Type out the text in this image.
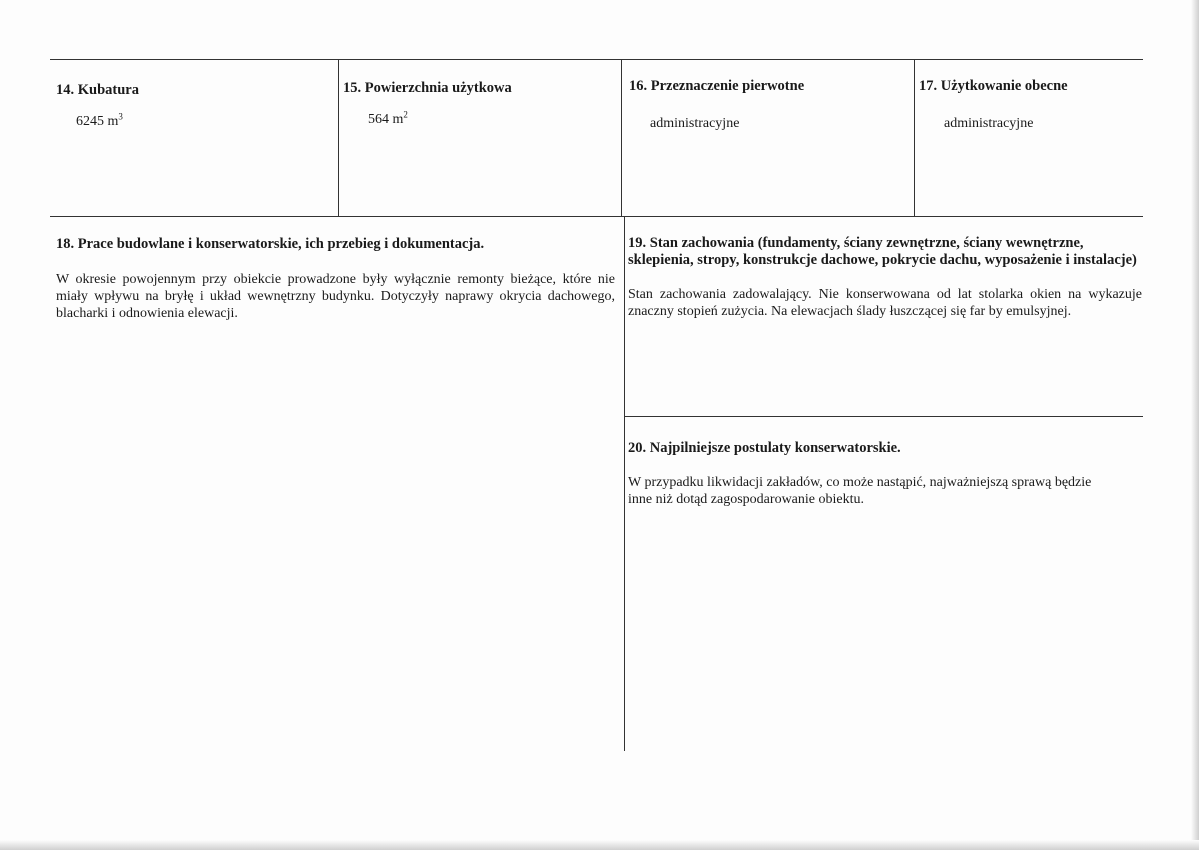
14. Kubatura
6245 $m^3$
15. Powierzchnia użytkowa
564 $m^2$
16. Przeznaczenie pierwotne
administracyjne
17. Użytkowanie obecne
administracyjne
18. Prace budowlane i konserwatorskie, ich przebieg i dokumentacja.
W okresie powojennym przy obiekcie prowadzone były wyłącznie remonty bieżące, które nie miały wpływu na bryłę i układ wewnętrzny budynku. Dotyczyły naprawy okrycia dachowego, blacharki i odnowienia elewacji.
19. Stan zachowania (fundamenty, ściany zewnętrzne, ściany wewnętrzne, sklepienia, stropy, konstrukcje dachowe, pokrycie dachu, wyposażenie i instalacje)
Stan zachowania zadowalający. Nie konserwowana od lat stolarka okien na wykazuje znaczny stopień zużycia. Na elewacjach ślady łuszczącej się far by emulsyjnej.
20. Najpilniejsze postulaty konserwatorskie.
W przypadku likwidacji zakładów, co może nastąpić, najważniejszą sprawą będzie inne niż dotąd zagospodarowanie obiektu.
